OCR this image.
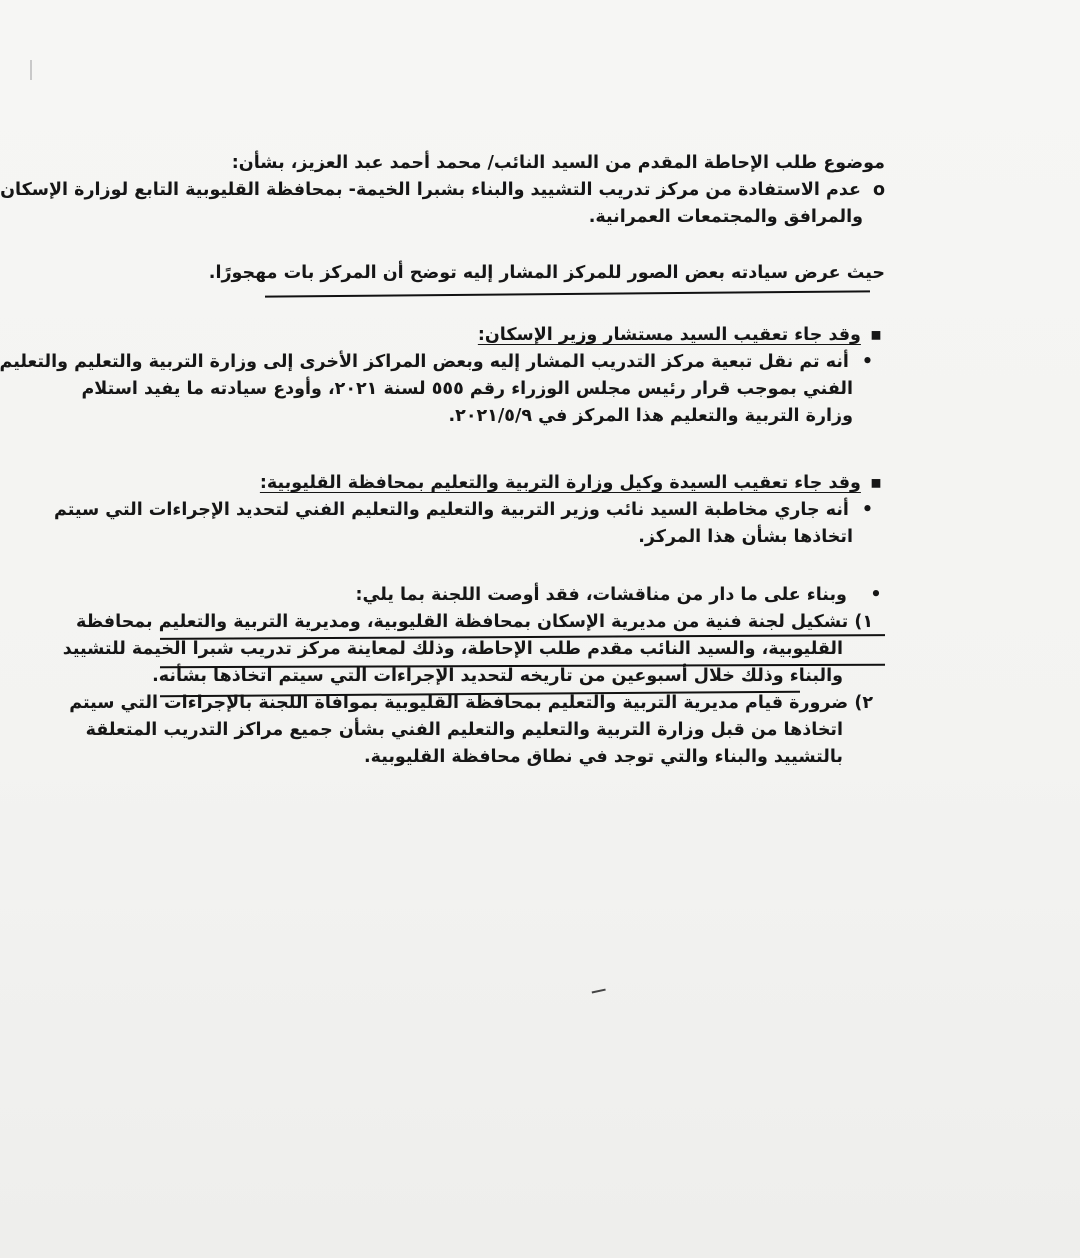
موضوع طلب الإحاطة المقدم من السيد النائب/ محمد أحمد عبد العزيز، بشأن:
o عدم الاستفادة من مركز تدريب التشييد والبناء بشبرا الخيمة- بمحافظة القليوبية التابع لوزارة الإسكان
والمرافق والمجتمعات العمرانية.
حيث عرض سيادته بعض الصور للمركز المشار إليه توضح أن المركز بات مهجورًا.
▪ وقد جاء تعقيب السيد مستشار وزير الإسكان:
• أنه تم نقل تبعية مركز التدريب المشار إليه وبعض المراكز الأخرى إلى وزارة التربية والتعليم والتعليم
الفني بموجب قرار رئيس مجلس الوزراء رقم ٥٥٥ لسنة ٢٠٢١، وأودع سيادته ما يفيد استلام
وزارة التربية والتعليم هذا المركز في ٢٠٢١/٥/٩.
▪ وقد جاء تعقيب السيدة وكيل وزارة التربية والتعليم بمحافظة القليوبية:
• أنه جاري مخاطبة السيد نائب وزير التربية والتعليم والتعليم الفني لتحديد الإجراءات التي سيتم
اتخاذها بشأن هذا المركز.
• وبناء على ما دار من مناقشات، فقد أوصت اللجنة بما يلي:
١) تشكيل لجنة فنية من مديرية الإسكان بمحافظة القليوبية، ومديرية التربية والتعليم بمحافظة
القليوبية، والسيد النائب مقدم طلب الإحاطة، وذلك لمعاينة مركز تدريب شبرا الخيمة للتشييد
والبناء وذلك خلال أسبوعين من تاريخه لتحديد الإجراءات التي سيتم اتخاذها بشأنه.
٢) ضرورة قيام مديرية التربية والتعليم بمحافظة القليوبية بموافاة اللجنة بالإجراءات التي سيتم
اتخاذها من قبل وزارة التربية والتعليم والتعليم الفني بشأن جميع مراكز التدريب المتعلقة
بالتشييد والبناء والتي توجد في نطاق محافظة القليوبية.
